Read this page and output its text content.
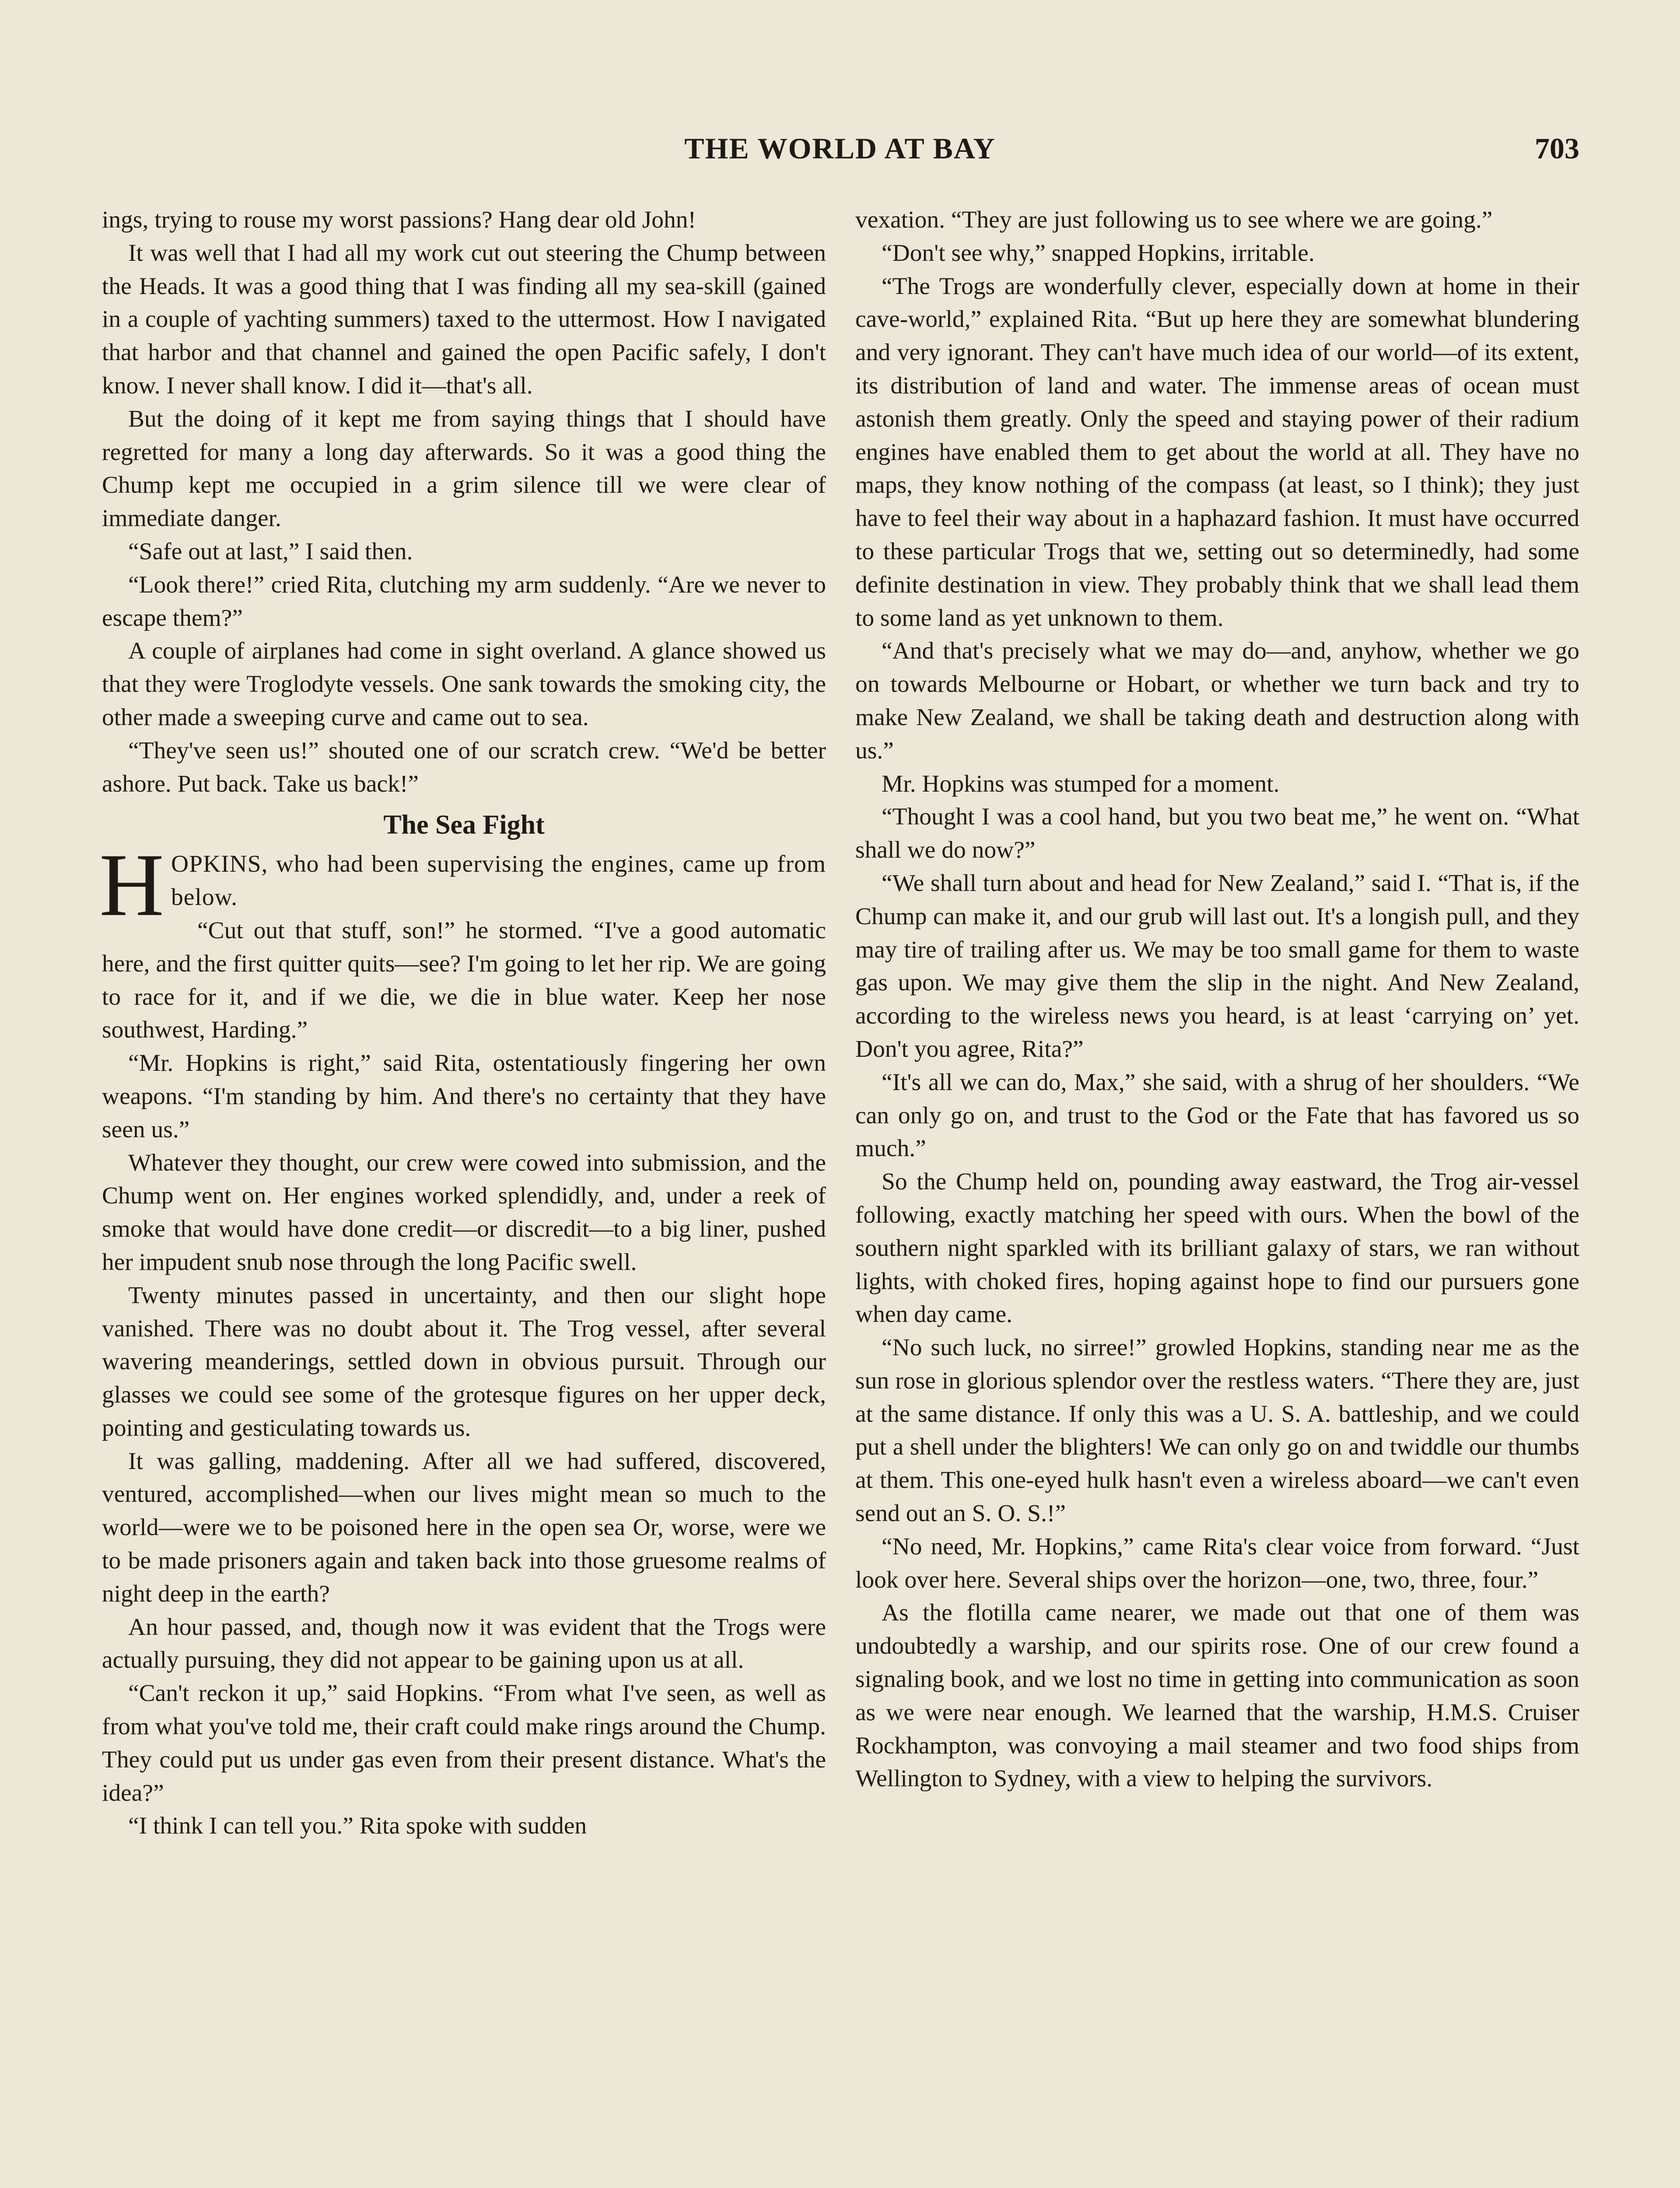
THE WORLD AT BAY	703

ings, trying to rouse my worst passions? Hang dear old John!

It was well that I had all my work cut out steering the Chump between the Heads. It was a good thing that I was finding all my sea-skill (gained in a couple of yachting summers) taxed to the uttermost. How I navigated that harbor and that channel and gained the open Pacific safely, I don't know. I never shall know. I did it—that's all.

But the doing of it kept me from saying things that I should have regretted for many a long day afterwards. So it was a good thing the Chump kept me occupied in a grim silence till we were clear of immediate danger.

“Safe out at last,” I said then.

“Look there!” cried Rita, clutching my arm suddenly. “Are we never to escape them?”

A couple of airplanes had come in sight overland. A glance showed us that they were Troglodyte vessels. One sank towards the smoking city, the other made a sweeping curve and came out to sea.

“They've seen us!” shouted one of our scratch crew. “We'd be better ashore. Put back. Take us back!”

The Sea Fight

HOPKINS, who had been supervising the engines, came up from below.

“Cut out that stuff, son!” he stormed. “I've a good automatic here, and the first quitter quits—see? I'm going to let her rip. We are going to race for it, and if we die, we die in blue water. Keep her nose southwest, Harding.”

“Mr. Hopkins is right,” said Rita, ostentatiously fingering her own weapons. “I'm standing by him. And there's no certainty that they have seen us.”

Whatever they thought, our crew were cowed into submission, and the Chump went on. Her engines worked splendidly, and, under a reek of smoke that would have done credit—or discredit—to a big liner, pushed her impudent snub nose through the long Pacific swell.

Twenty minutes passed in uncertainty, and then our slight hope vanished. There was no doubt about it. The Trog vessel, after several wavering meanderings, settled down in obvious pursuit. Through our glasses we could see some of the grotesque figures on her upper deck, pointing and gesticulating towards us.

It was galling, maddening. After all we had suffered, discovered, ventured, accomplished—when our lives might mean so much to the world—were we to be poisoned here in the open sea Or, worse, were we to be made prisoners again and taken back into those gruesome realms of night deep in the earth?

An hour passed, and, though now it was evident that the Trogs were actually pursuing, they did not appear to be gaining upon us at all.

“Can't reckon it up,” said Hopkins. “From what I've seen, as well as from what you've told me, their craft could make rings around the Chump. They could put us under gas even from their present distance. What's the idea?”

“I think I can tell you.” Rita spoke with sudden

vexation. “They are just following us to see where we are going.”

“Don't see why,” snapped Hopkins, irritable.

“The Trogs are wonderfully clever, especially down at home in their cave-world,” explained Rita. “But up here they are somewhat blundering and very ignorant. They can't have much idea of our world—of its extent, its distribution of land and water. The immense areas of ocean must astonish them greatly. Only the speed and staying power of their radium engines have enabled them to get about the world at all. They have no maps, they know nothing of the compass (at least, so I think); they just have to feel their way about in a haphazard fashion. It must have occurred to these particular Trogs that we, setting out so determinedly, had some definite destination in view. They probably think that we shall lead them to some land as yet unknown to them.

“And that's precisely what we may do—and, anyhow, whether we go on towards Melbourne or Hobart, or whether we turn back and try to make New Zealand, we shall be taking death and destruction along with us.”

Mr. Hopkins was stumped for a moment.

“Thought I was a cool hand, but you two beat me,” he went on. “What shall we do now?”

“We shall turn about and head for New Zealand,” said I. “That is, if the Chump can make it, and our grub will last out. It's a longish pull, and they may tire of trailing after us. We may be too small game for them to waste gas upon. We may give them the slip in the night. And New Zealand, according to the wireless news you heard, is at least ‘carrying on’ yet. Don't you agree, Rita?”

“It's all we can do, Max,” she said, with a shrug of her shoulders. “We can only go on, and trust to the God or the Fate that has favored us so much.”

So the Chump held on, pounding away eastward, the Trog air-vessel following, exactly matching her speed with ours. When the bowl of the southern night sparkled with its brilliant galaxy of stars, we ran without lights, with choked fires, hoping against hope to find our pursuers gone when day came.

“No such luck, no sirree!” growled Hopkins, standing near me as the sun rose in glorious splendor over the restless waters. “There they are, just at the same distance. If only this was a U. S. A. battleship, and we could put a shell under the blighters! We can only go on and twiddle our thumbs at them. This one-eyed hulk hasn't even a wireless aboard—we can't even send out an S. O. S.!”

“No need, Mr. Hopkins,” came Rita's clear voice from forward. “Just look over here. Several ships over the horizon—one, two, three, four.”

As the flotilla came nearer, we made out that one of them was undoubtedly a warship, and our spirits rose. One of our crew found a signaling book, and we lost no time in getting into communication as soon as we were near enough. We learned that the warship, H.M.S. Cruiser Rockhampton, was convoying a mail steamer and two food ships from Wellington to Sydney, with a view to helping the survivors.
